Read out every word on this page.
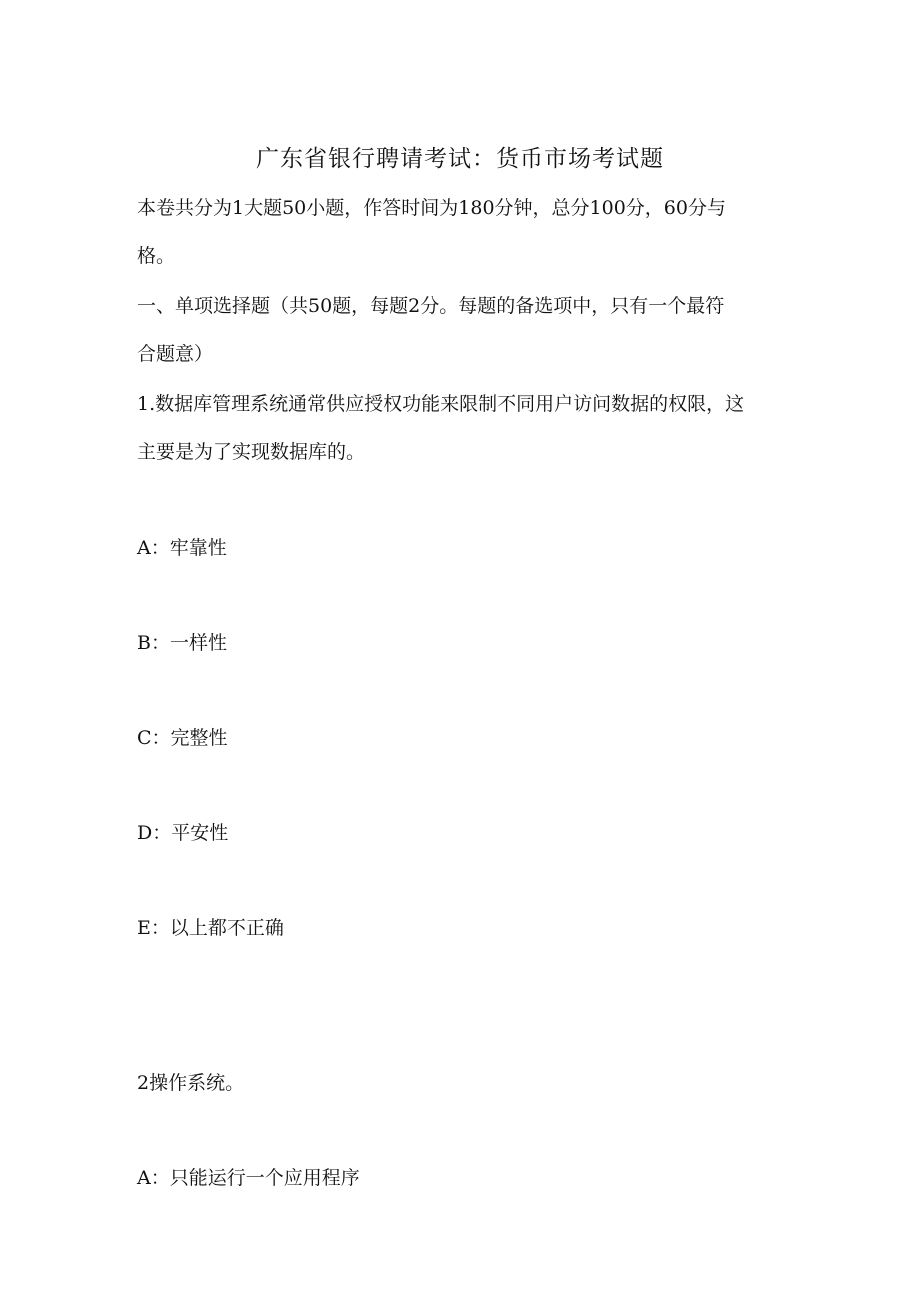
广东省银行聘请考试：货币市场考试题
本卷共分为1大题50小题，作答时间为180分钟，总分100分，60分与
格。
一、单项选择题（共50题，每题2分。每题的备选项中，只有一个最符
合题意）
1.数据库管理系统通常供应授权功能来限制不同用户访问数据的权限，这
主要是为了实现数据库的。
A：牢靠性
B：一样性
C：完整性
D：平安性
E：以上都不正确
2操作系统。
A：只能运行一个应用程序
